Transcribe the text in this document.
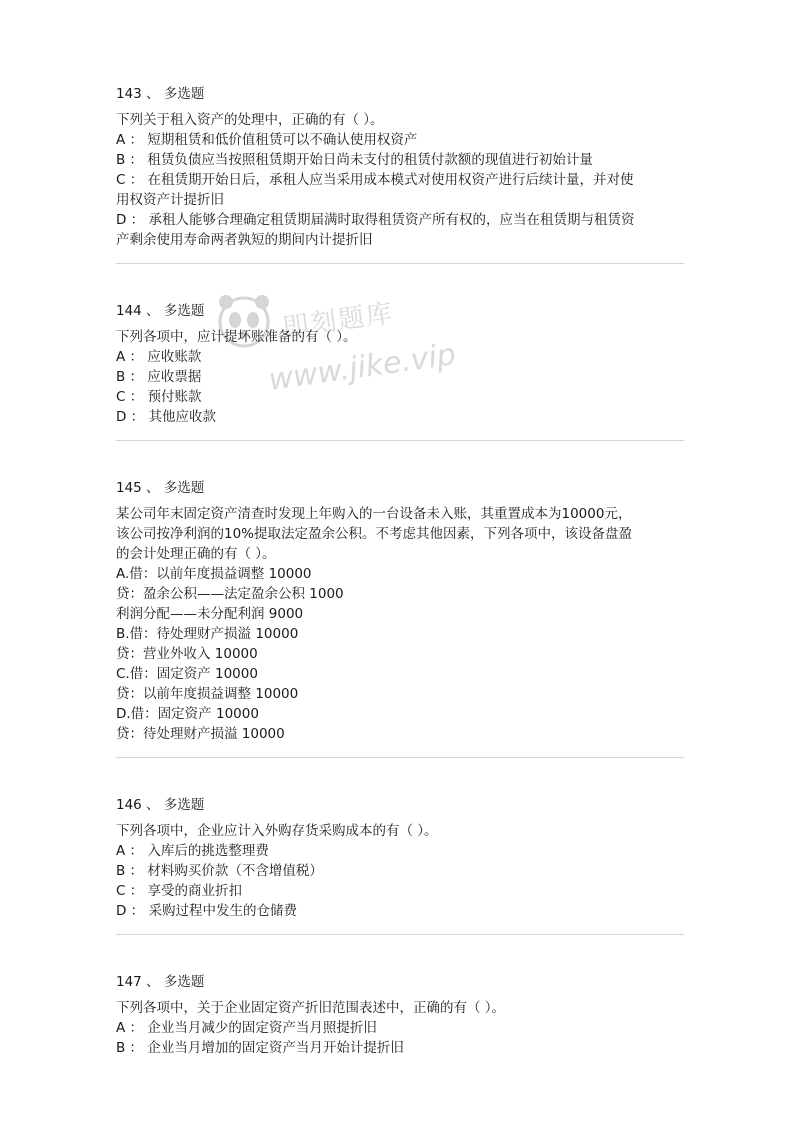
143 、 多选题

下列关于租入资产的处理中，正确的有（ ）。

A ： 短期租赁和低价值租赁可以不确认使用权资产

B ： 租赁负债应当按照租赁期开始日尚未支付的租赁付款额的现值进行初始计量

C ： 在租赁期开始日后，承租人应当采用成本模式对使用权资产进行后续计量，并对使

用权资产计提折旧

D ： 承租人能够合理确定租赁期届满时取得租赁资产所有权的，应当在租赁期与租赁资

产剩余使用寿命两者孰短的期间内计提折旧

144 、 多选题

下列各项中，应计提坏账准备的有（ ）。

A ： 应收账款

B ： 应收票据

C ： 预付账款

D ： 其他应收款

145 、 多选题

某公司年末固定资产清查时发现上年购入的一台设备未入账，其重置成本为10000元，

该公司按净利润的10%提取法定盈余公积。不考虑其他因素，下列各项中，该设备盘盈

的会计处理正确的有（ ）。

A.借：以前年度损益调整 10000

贷：盈余公积——法定盈余公积 1000

利润分配——未分配利润 9000

B.借：待处理财产损溢 10000

贷：营业外收入 10000

C.借：固定资产 10000

贷：以前年度损益调整 10000

D.借：固定资产 10000

贷：待处理财产损溢 10000

146 、 多选题

下列各项中，企业应计入外购存货采购成本的有（ ）。

A ： 入库后的挑选整理费

B ： 材料购买价款（不含增值税）

C ： 享受的商业折扣

D ： 采购过程中发生的仓储费

147 、 多选题

下列各项中，关于企业固定资产折旧范围表述中，正确的有（ ）。

A ： 企业当月减少的固定资产当月照提折旧

B ： 企业当月增加的固定资产当月开始计提折旧

即刻题库
www.jike.vip
